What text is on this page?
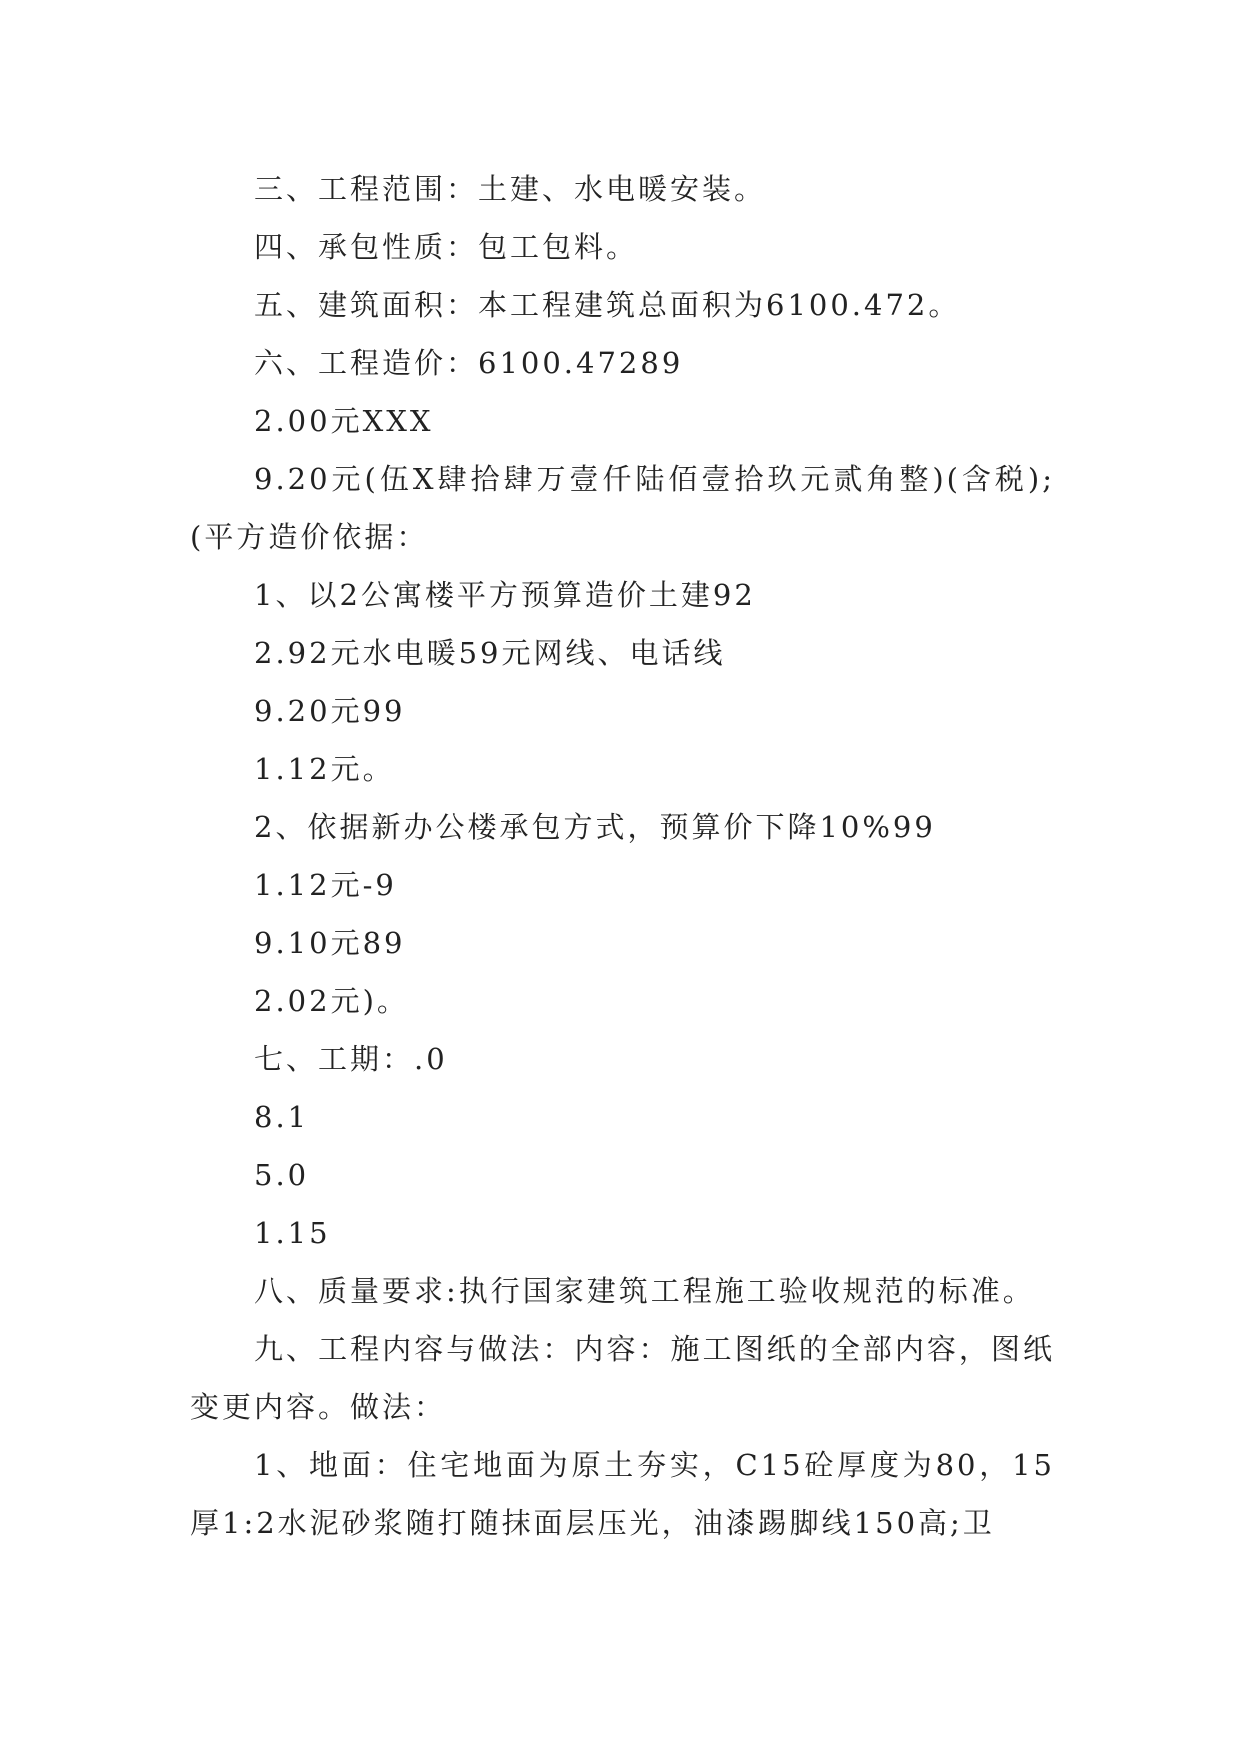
三、工程范围：土建、水电暖安装。

四、承包性质：包工包料。

五、建筑面积：本工程建筑总面积为6100.472。

六、工程造价：6100.47289

2.00元XXX

9.20元(伍X肆拾肆万壹仟陆佰壹拾玖元贰角整)(含税);(平方造价依据：

1、以2公寓楼平方预算造价土建92

2.92元水电暖59元网线、电话线

9.20元99

1.12元。

2、依据新办公楼承包方式，预算价下降10%99

1.12元-9

9.10元89

2.02元)。

七、工期：.0

8.1

5.0

1.15

八、质量要求:执行国家建筑工程施工验收规范的标准。

九、工程内容与做法：内容：施工图纸的全部内容，图纸变更内容。做法：

1、地面：住宅地面为原土夯实，C15砼厚度为80，15厚1:2水泥砂浆随打随抹面层压光，油漆踢脚线150高;卫
